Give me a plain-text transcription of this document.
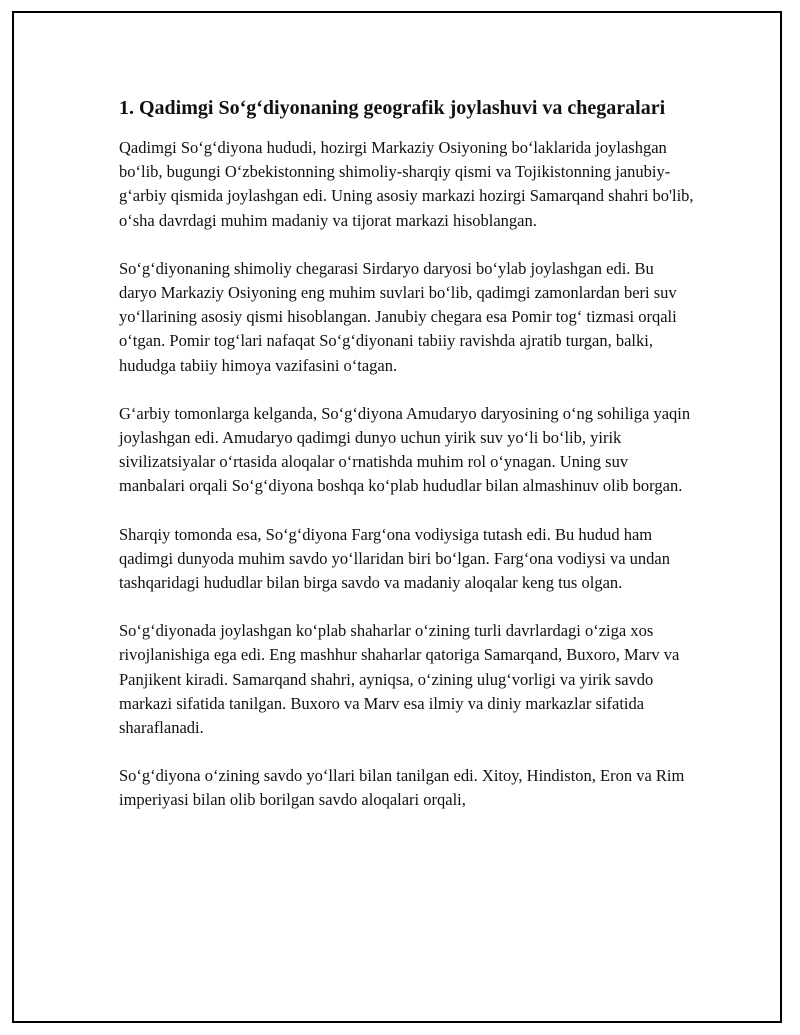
1. Qadimgi So‘g‘diyonaning geografik joylashuvi va chegaralari

Qadimgi So‘g‘diyona hududi, hozirgi Markaziy Osiyoning bo‘laklarida joylashgan bo‘lib, bugungi O‘zbekistonning shimoliy-sharqiy qismi va Tojikistonning janubiy-g‘arbiy qismida joylashgan edi. Uning asosiy markazi hozirgi Samarqand shahri bo'lib, o‘sha davrdagi muhim madaniy va tijorat markazi hisoblangan.

So‘g‘diyonaning shimoliy chegarasi Sirdaryo daryosi bo‘ylab joylashgan edi. Bu daryo Markaziy Osiyoning eng muhim suvlari bo‘lib, qadimgi zamonlardan beri suv yo‘llarining asosiy qismi hisoblangan. Janubiy chegara esa Pomir tog‘ tizmasi orqali o‘tgan. Pomir tog‘lari nafaqat So‘g‘diyonani tabiiy ravishda ajratib turgan, balki, hududga tabiiy himoya vazifasini o‘tagan.

G‘arbiy tomonlarga kelganda, So‘g‘diyona Amudaryo daryosining o‘ng sohiliga yaqin joylashgan edi. Amudaryo qadimgi dunyo uchun yirik suv yo‘li bo‘lib, yirik sivilizatsiyalar o‘rtasida aloqalar o‘rnatishda muhim rol o‘ynagan. Uning suv manbalari orqali So‘g‘diyona boshqa ko‘plab hududlar bilan almashinuv olib borgan.

Sharqiy tomonda esa, So‘g‘diyona Farg‘ona vodiysiga tutash edi. Bu hudud ham qadimgi dunyoda muhim savdo yo‘llaridan biri bo‘lgan. Farg‘ona vodiysi va undan tashqaridagi hududlar bilan birga savdo va madaniy aloqalar keng tus olgan.

So‘g‘diyonada joylashgan ko‘plab shaharlar o‘zining turli davrlardagi o‘ziga xos rivojlanishiga ega edi. Eng mashhur shaharlar qatoriga Samarqand, Buxoro, Marv va Panjikent kiradi. Samarqand shahri, ayniqsa, o‘zining ulug‘vorligi va yirik savdo markazi sifatida tanilgan. Buxoro va Marv esa ilmiy va diniy markazlar sifatida sharaflanadi.

So‘g‘diyona o‘zining savdo yo‘llari bilan tanilgan edi. Xitoy, Hindiston, Eron va Rim imperiyasi bilan olib borilgan savdo aloqalari orqali,
